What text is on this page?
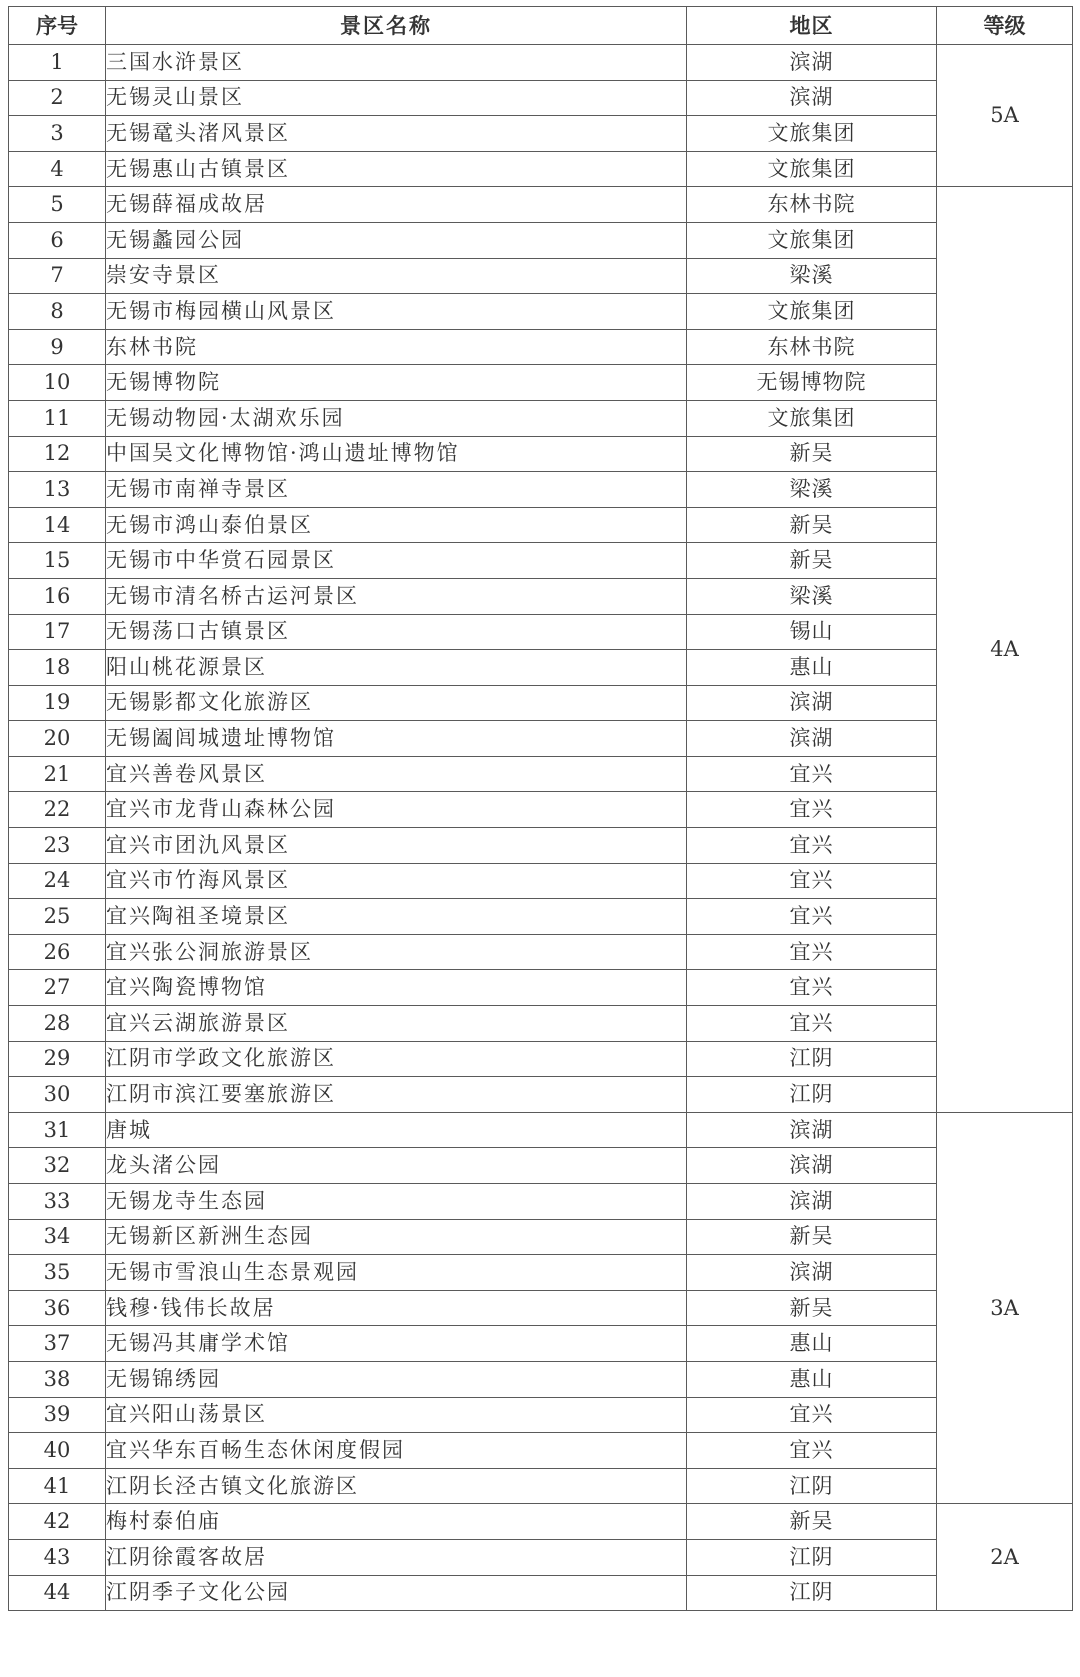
序号	景区名称	地区	等级
1	三国水浒景区	滨湖	5A
2	无锡灵山景区	滨湖	
3	无锡鼋头渚风景区	文旅集团	
4	无锡惠山古镇景区	文旅集团	
5	无锡薛福成故居	东林书院	4A
6	无锡蠡园公园	文旅集团	
7	崇安寺景区	梁溪	
8	无锡市梅园横山风景区	文旅集团	
9	东林书院	东林书院	
10	无锡博物院	无锡博物院	
11	无锡动物园·太湖欢乐园	文旅集团	
12	中国吴文化博物馆·鸿山遗址博物馆	新吴	
13	无锡市南禅寺景区	梁溪	
14	无锡市鸿山泰伯景区	新吴	
15	无锡市中华赏石园景区	新吴	
16	无锡市清名桥古运河景区	梁溪	
17	无锡荡口古镇景区	锡山	
18	阳山桃花源景区	惠山	
19	无锡影都文化旅游区	滨湖	
20	无锡阖闾城遗址博物馆	滨湖	
21	宜兴善卷风景区	宜兴	
22	宜兴市龙背山森林公园	宜兴	
23	宜兴市团氿风景区	宜兴	
24	宜兴市竹海风景区	宜兴	
25	宜兴陶祖圣境景区	宜兴	
26	宜兴张公洞旅游景区	宜兴	
27	宜兴陶瓷博物馆	宜兴	
28	宜兴云湖旅游景区	宜兴	
29	江阴市学政文化旅游区	江阴	
30	江阴市滨江要塞旅游区	江阴	
31	唐城	滨湖	3A
32	龙头渚公园	滨湖	
33	无锡龙寺生态园	滨湖	
34	无锡新区新洲生态园	新吴	
35	无锡市雪浪山生态景观园	滨湖	
36	钱穆·钱伟长故居	新吴	
37	无锡冯其庸学术馆	惠山	
38	无锡锦绣园	惠山	
39	宜兴阳山荡景区	宜兴	
40	宜兴华东百畅生态休闲度假园	宜兴	
41	江阴长泾古镇文化旅游区	江阴	
42	梅村泰伯庙	新吴	2A
43	江阴徐霞客故居	江阴	
44	江阴季子文化公园	江阴	
